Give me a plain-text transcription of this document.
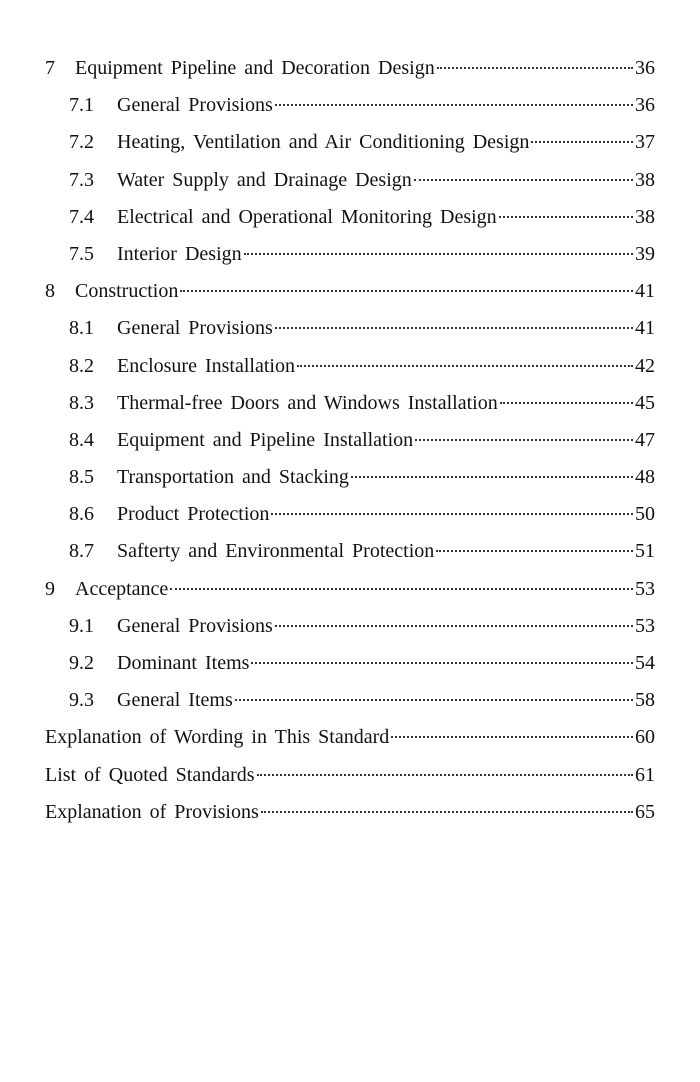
7	Equipment Pipeline and Decoration Design	36
7.1	General Provisions	36
7.2	Heating, Ventilation and Air Conditioning Design	37
7.3	Water Supply and Drainage Design	38
7.4	Electrical and Operational Monitoring Design	38
7.5	Interior Design	39
8	Construction	41
8.1	General Provisions	41
8.2	Enclosure Installation	42
8.3	Thermal-free Doors and Windows Installation	45
8.4	Equipment and Pipeline Installation	47
8.5	Transportation and Stacking	48
8.6	Product Protection	50
8.7	Safterty and Environmental Protection	51
9	Acceptance	53
9.1	General Provisions	53
9.2	Dominant Items	54
9.3	General Items	58
Explanation of Wording in This Standard	60
List of Quoted Standards	61
Explanation of Provisions	65
